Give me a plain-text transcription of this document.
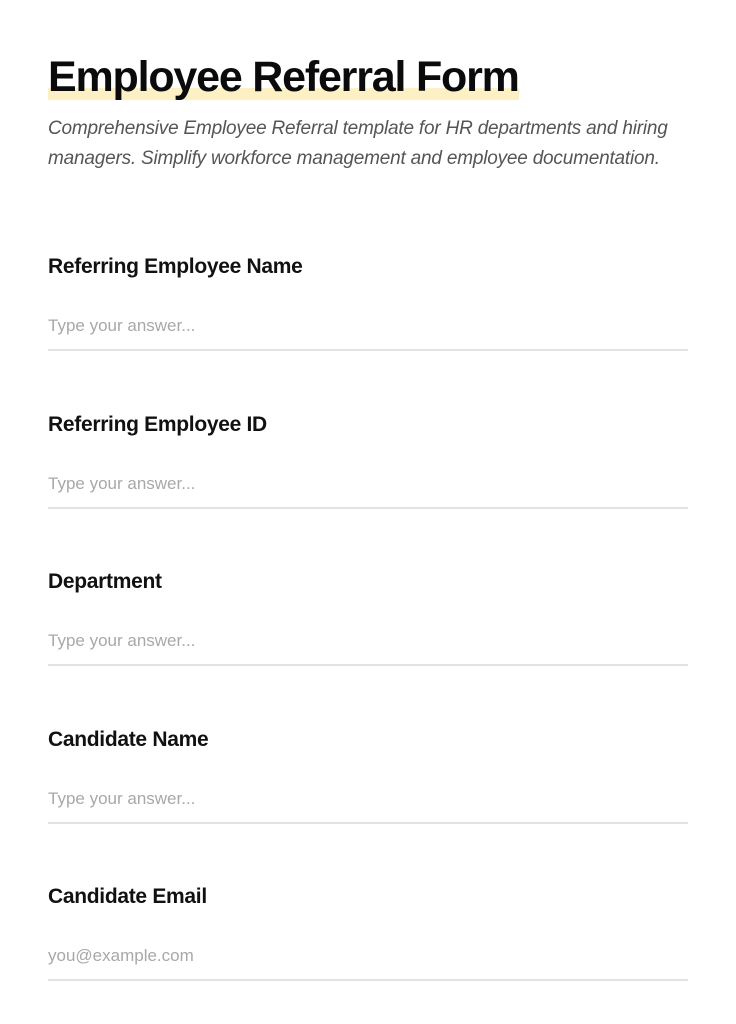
Employee Referral Form

Comprehensive Employee Referral template for HR departments and hiring managers. Simplify workforce management and employee documentation.

Referring Employee Name
Type your answer...
Referring Employee ID
Type your answer...
Department
Type your answer...
Candidate Name
Type your answer...
Candidate Email
you@example.com
